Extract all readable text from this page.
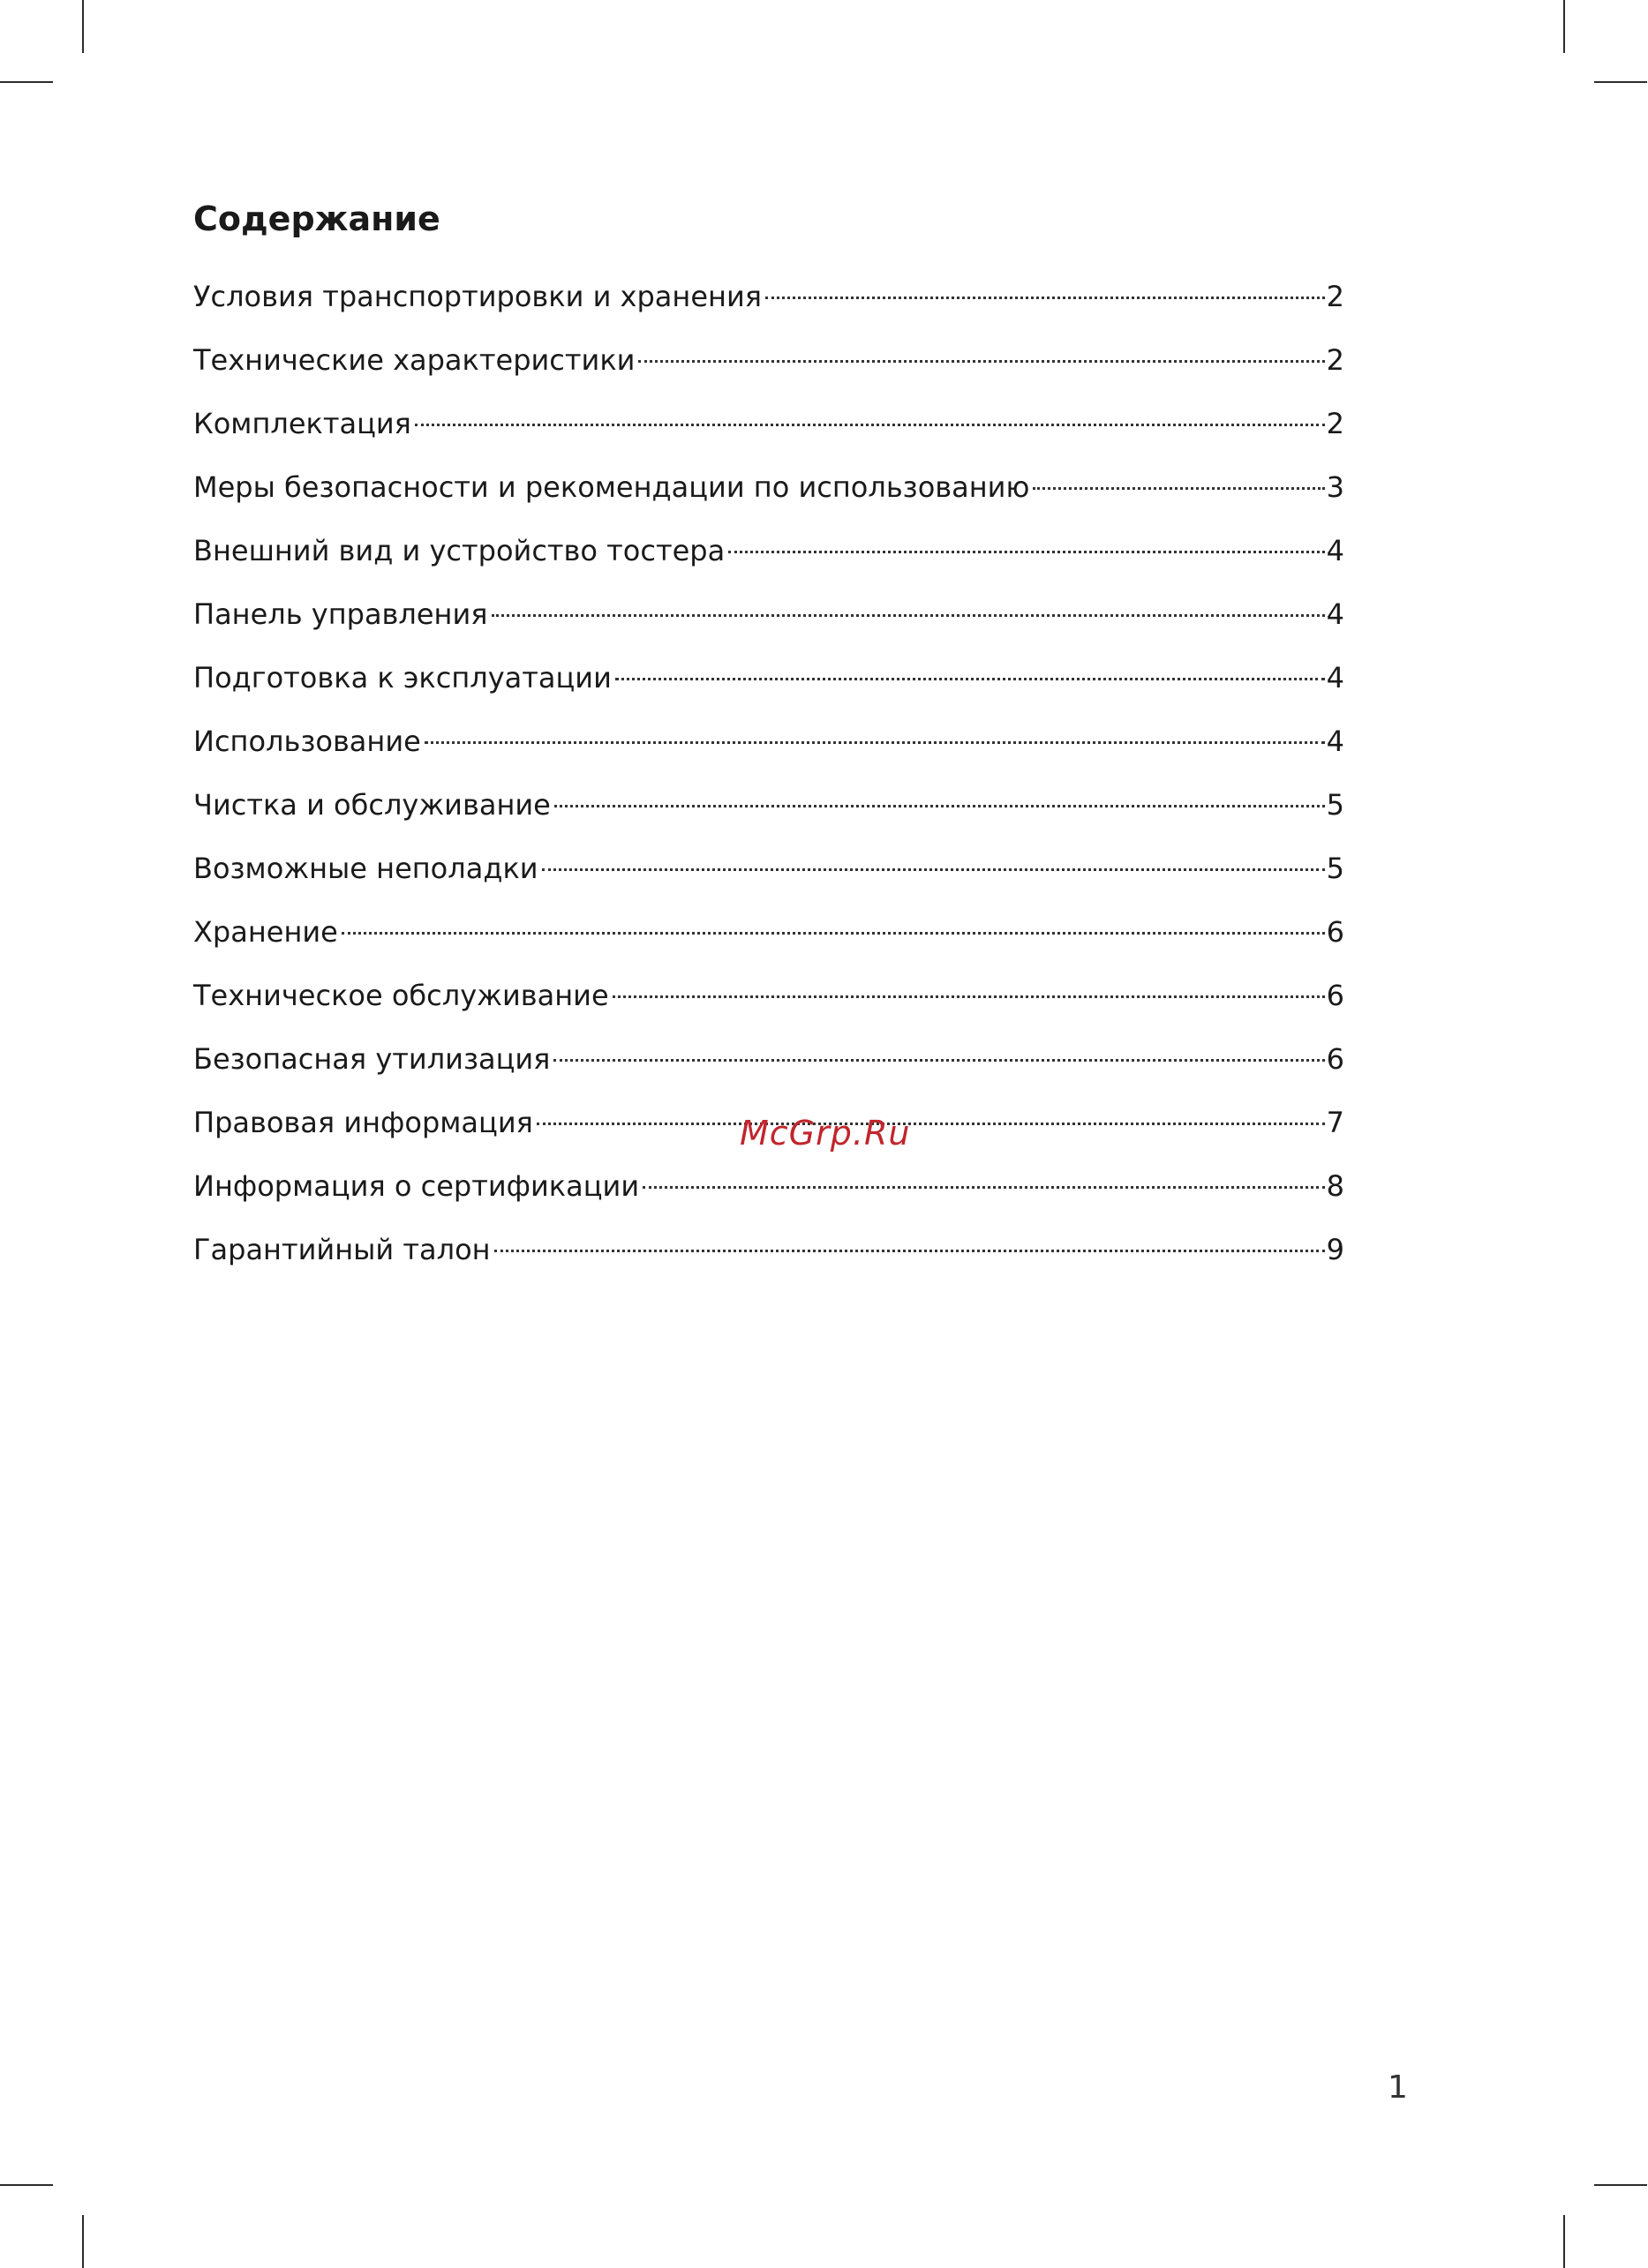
Содержание
Условия транспортировки и хранения	2
Технические характеристики	2
Комплектация	2
Меры безопасности и рекомендации по использованию	3
Внешний вид и устройство тостера	4
Панель управления	4
Подготовка к эксплуатации	4
Использование	4
Чистка и обслуживание	5
Возможные неполадки	5
Хранение	6
Техническое обслуживание	6
Безопасная утилизация	6
Правовая информация	7
Информация о сертификации	8
Гарантийный талон	9
McGrp.Ru
1
